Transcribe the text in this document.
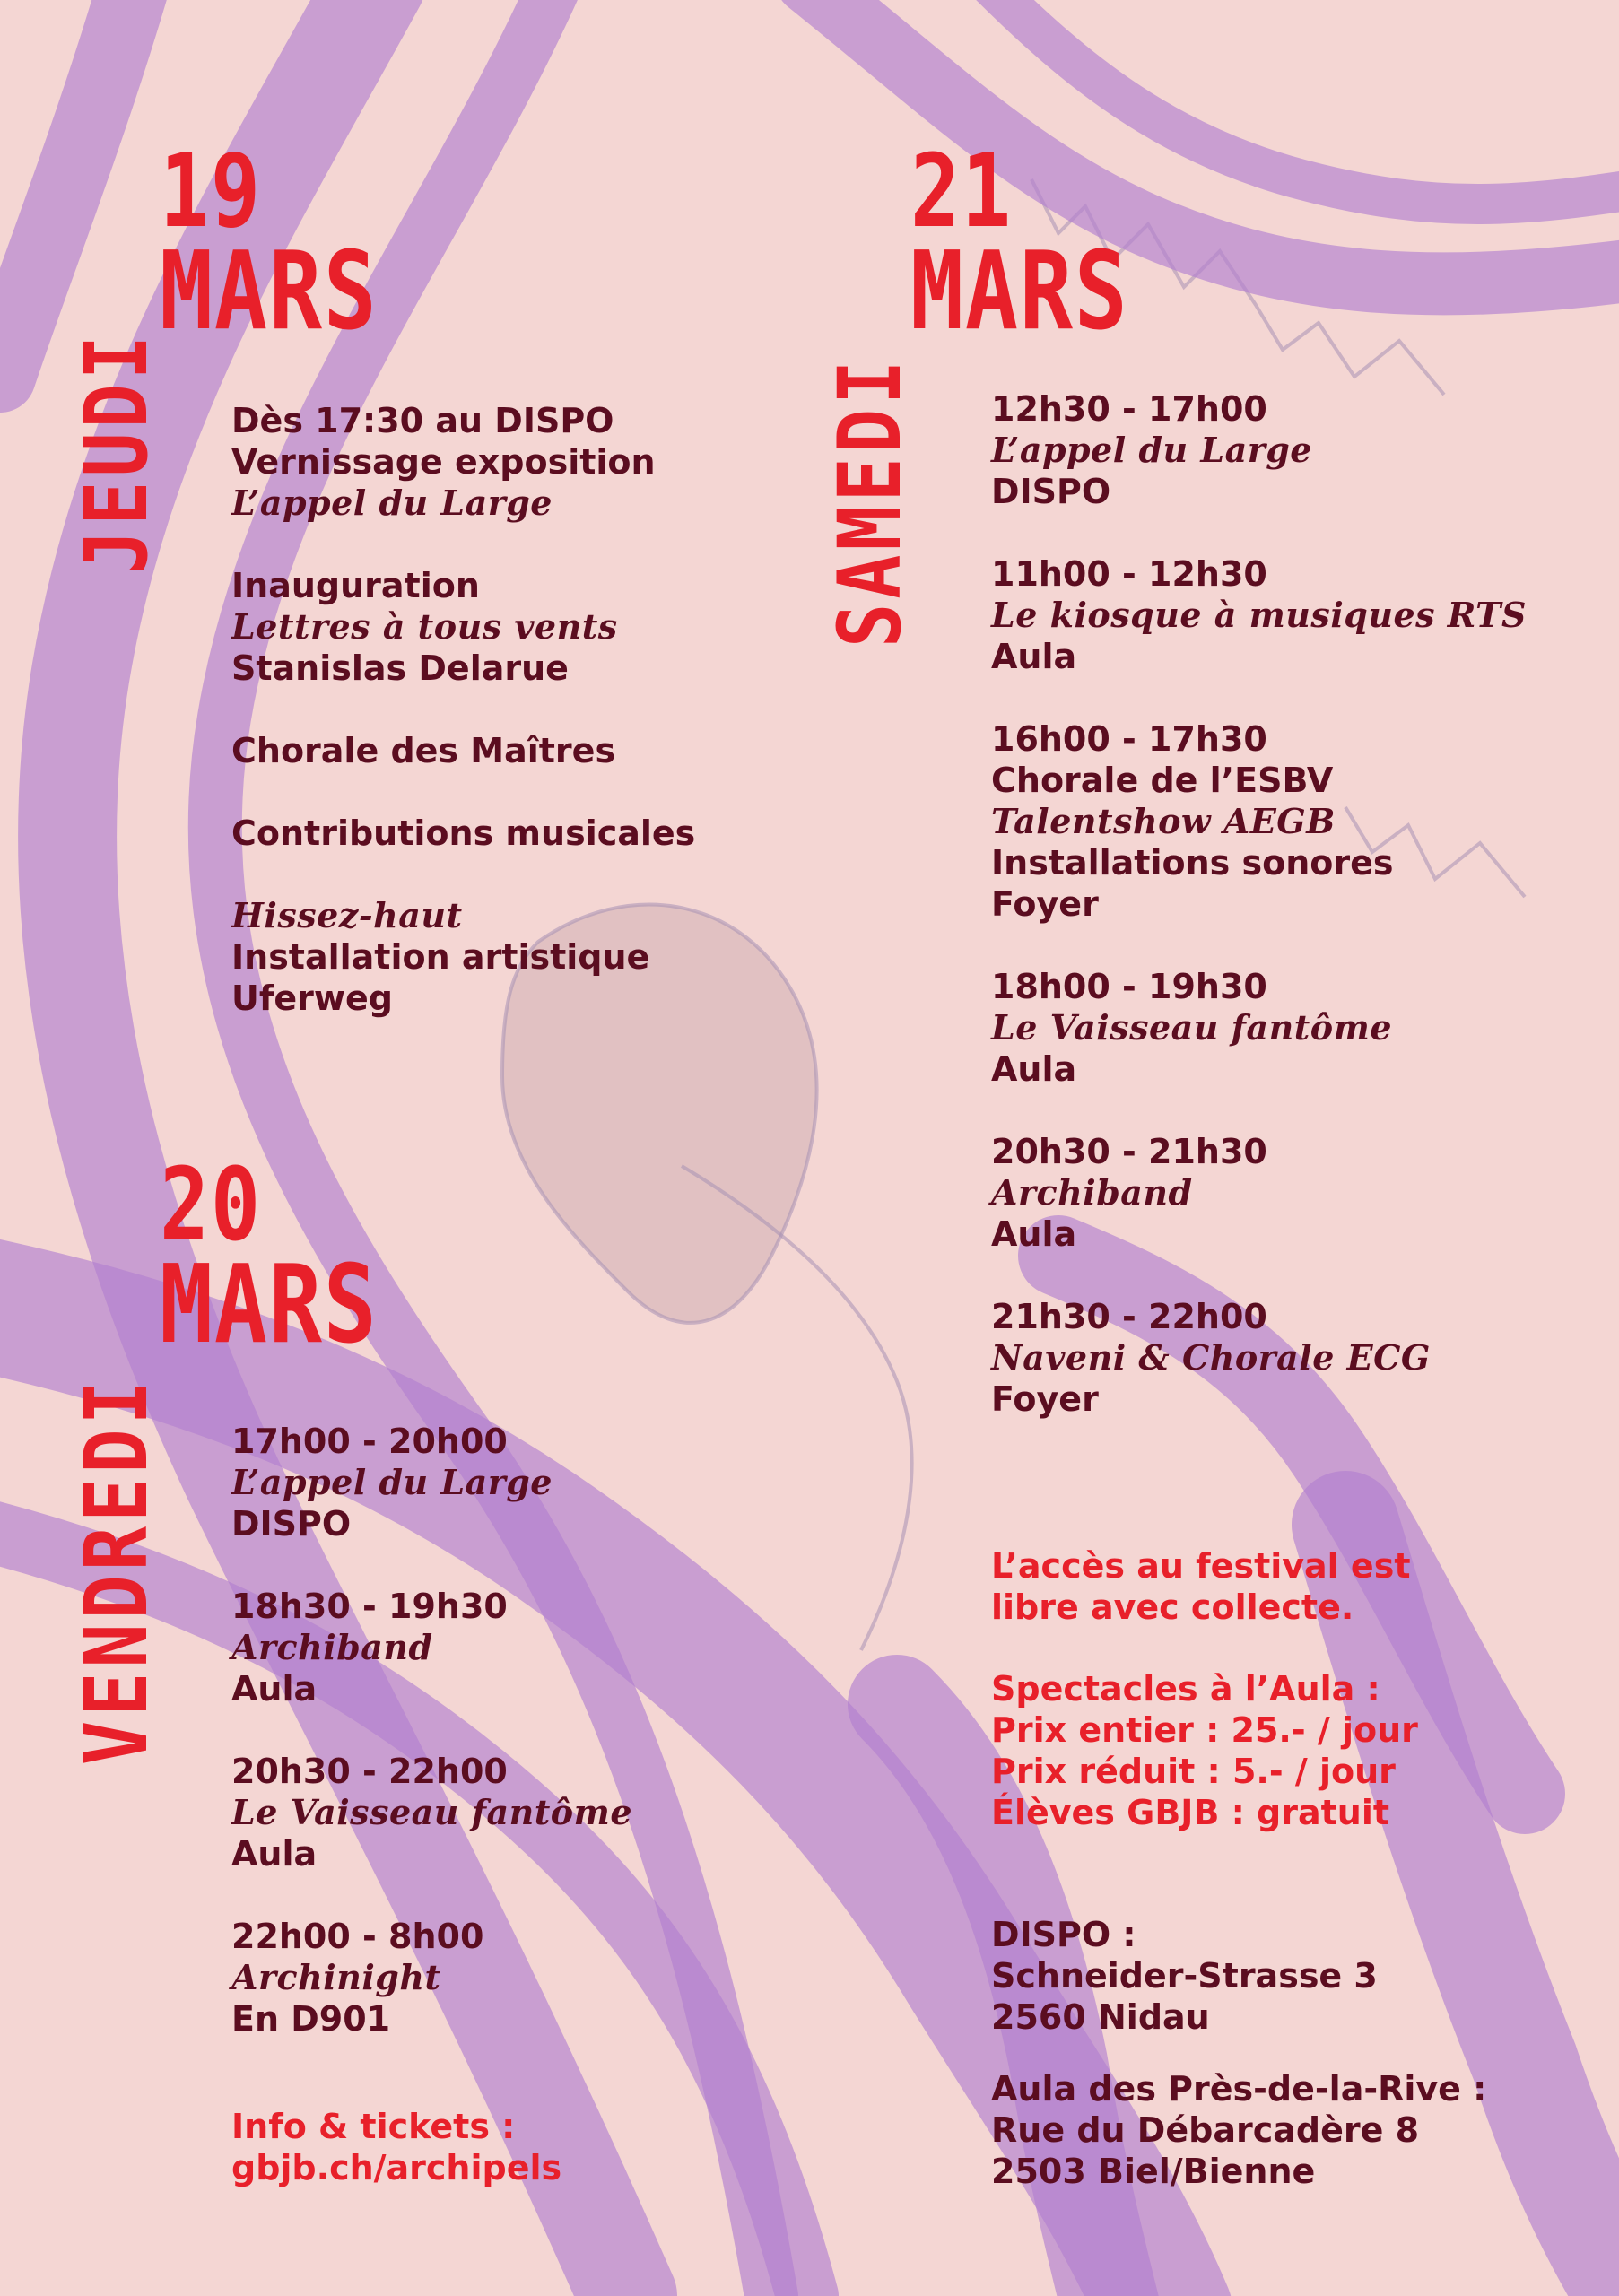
19
MARS
JEUDI Dès 17:30 au DISPO
Vernissage exposition
L’appel du Large
Inauguration
Lettres à tous vents
Stanislas Delarue
Chorale des Maîtres
Contributions musicales
Hissez-haut
Installation artistique
Uferweg
20
MARS
VENDREDI 17h00 - 20h00
L’appel du Large
DISPO
18h30 - 19h30
Archiband
Aula
20h30 - 22h00
Le Vaisseau fantôme
Aula
22h00 - 8h00
Archinight
En D901
Info & tickets :
gbjb.ch/archipels
21
MARS
SAMEDI 12h30 - 17h00
L’appel du Large
DISPO
11h00 - 12h30
Le kiosque à musiques RTS
Aula
16h00 - 17h30
Chorale de l’ESBV
Talentshow AEGB
Installations sonores
Foyer
18h00 - 19h30
Le Vaisseau fantôme
Aula
20h30 - 21h30
Archiband
Aula
21h30 - 22h00
Naveni & Chorale ECG
Foyer
L’accès au festival est
libre avec collecte.
Spectacles à l’Aula :
Prix entier : 25.- / jour
Prix réduit : 5.- / jour
Élèves GBJB : gratuit
DISPO :
Schneider-Strasse 3
2560 Nidau
Aula des Près-de-la-Rive :
Rue du Débarcadère 8
2503 Biel/Bienne
